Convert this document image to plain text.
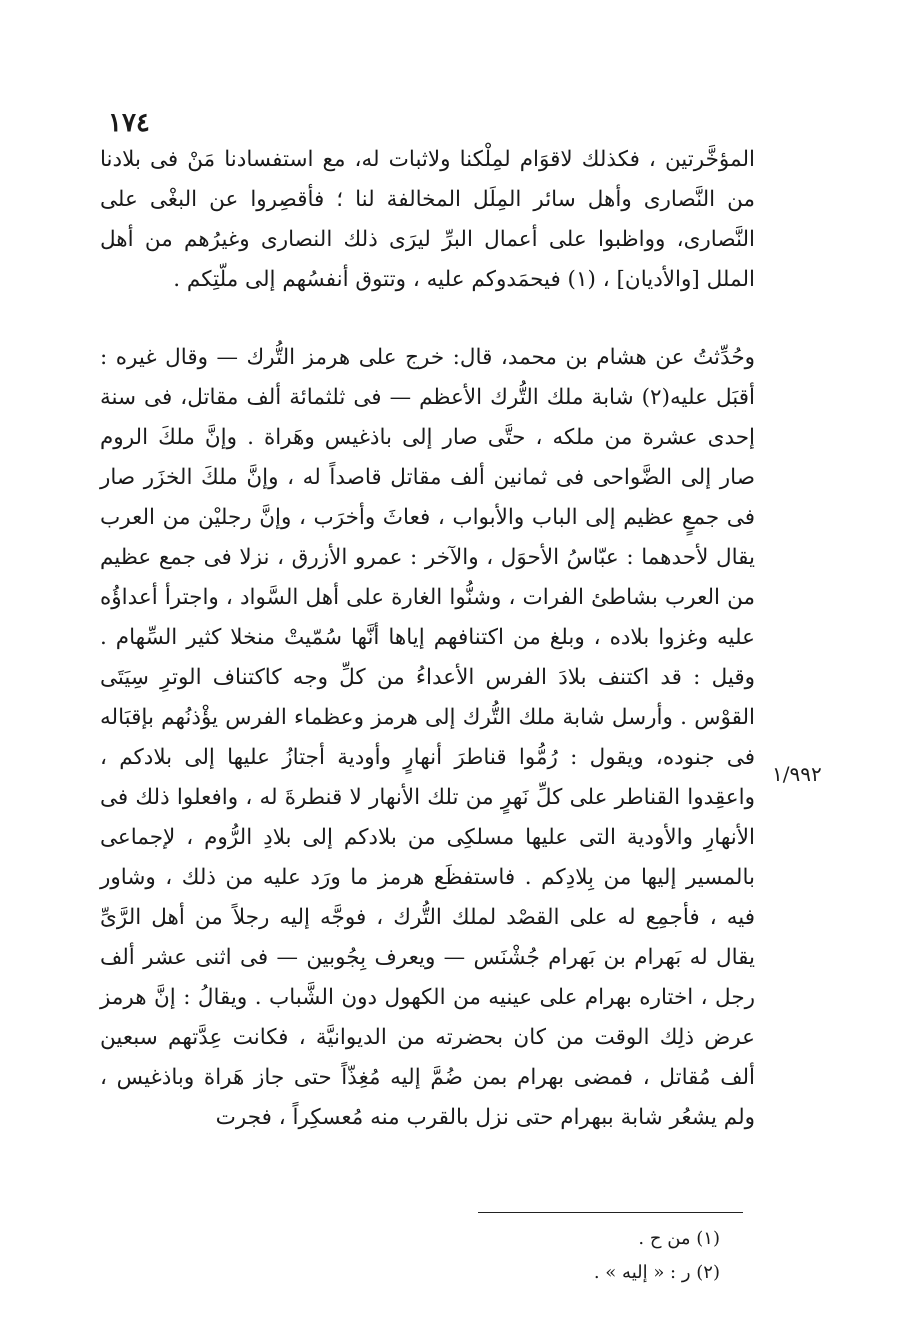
١٧٤
١/٩٩٢

المؤخَّرتين ، فكذلك لاقوَام لمِلْكنا ولاثبات له، مع استفسادنا مَنْ فى بلادنا من النَّصارى وأهل سائر المِلَل المخالفة لنا ؛ فأقصِروا عن البغْى على النَّصارى، وواظبوا على أعمال البرِّ ليرَى ذلك النصارى وغيرُهم من أهل الملل [والأديان] ، (١) فيحمَدوكم عليه ، وتتوق أنفسُهم إلى ملّتِكم .

وحُدِّثتُ عن هشام بن محمد، قال: خرج على هرمز التُّرك — وقال غيره : أقبَل عليه(٢) شابة ملك التُّرك الأعظم — فى ثلثمائة ألف مقاتل، فى سنة إحدى عشرة من ملكه ، حتَّى صار إلى باذغيس وهَراة . وإنَّ ملكَ الروم صار إلى الضَّواحى فى ثمانين ألف مقاتل قاصداً له ، وإنَّ ملكَ الخزَر صار فى جمعٍ عظيم إلى الباب والأبواب ، فعاثَ وأخرَب ، وإنَّ رجليْن من العرب يقال لأحدهما : عبّاسُ الأحوَل ، والآخر : عمرو الأزرق ، نزلا فى جمع عظيم من العرب بشاطئ الفرات ، وشنُّوا الغارة على أهل السَّواد ، واجترأ أعداؤُه عليه وغزوا بلاده ، وبلغ من اكتنافهم إياها أنَّها سُمّيتْ منخلا كثير السِّهام . وقيل : قد اكتنف بلادَ الفرس الأعداءُ من كلِّ وجه كاكتناف الوترِ سِيَتَى القوْس . وأرسل شابة ملك التُّرك إلى هرمز وعظماء الفرس يؤْذنُهم بإقبَاله فى جنوده، ويقول : رُمُّوا قناطرَ أنهارٍ وأودية أجتازُ عليها إلى بلادكم ، واعقِدوا القناطر على كلِّ نَهرٍ من تلك الأنهار لا قنطرةَ له ، وافعلوا ذلك فى الأنهارِ والأودية التى عليها مسلكِى من بلادكم إلى بلادِ الرُّوم ، لإجماعى بالمسير إليها من بِلادِكم . فاستفظَع هرمز ما ورَد عليه من ذلك ، وشاور فيه ، فأجمِع له على القصْد لملك التُّرك ، فوجَّه إليه رجلاً من أهل الرَّىِّ يقال له بَهرام بن بَهرام جُشْنَس — ويعرف بِجُوبين — فى اثنى عشر ألف رجل ، اختاره بهرام على عينيه من الكهول دون الشَّباب . ويقالُ : إنَّ هرمز عرض ذلِك الوقت من كان بحضرته من الديوانيَّة ، فكانت عِدَّتهم سبعين ألف مُقاتل ، فمضى بهرام بمن ضُمَّ إليه مُغِذّاً حتى جاز هَراة وباذغيس ، ولم يشعُر شابة ببهرام حتى نزل بالقرب منه مُعسكِراً ، فجرت

(١) من ح .
(٢) ر : « إليه » .
